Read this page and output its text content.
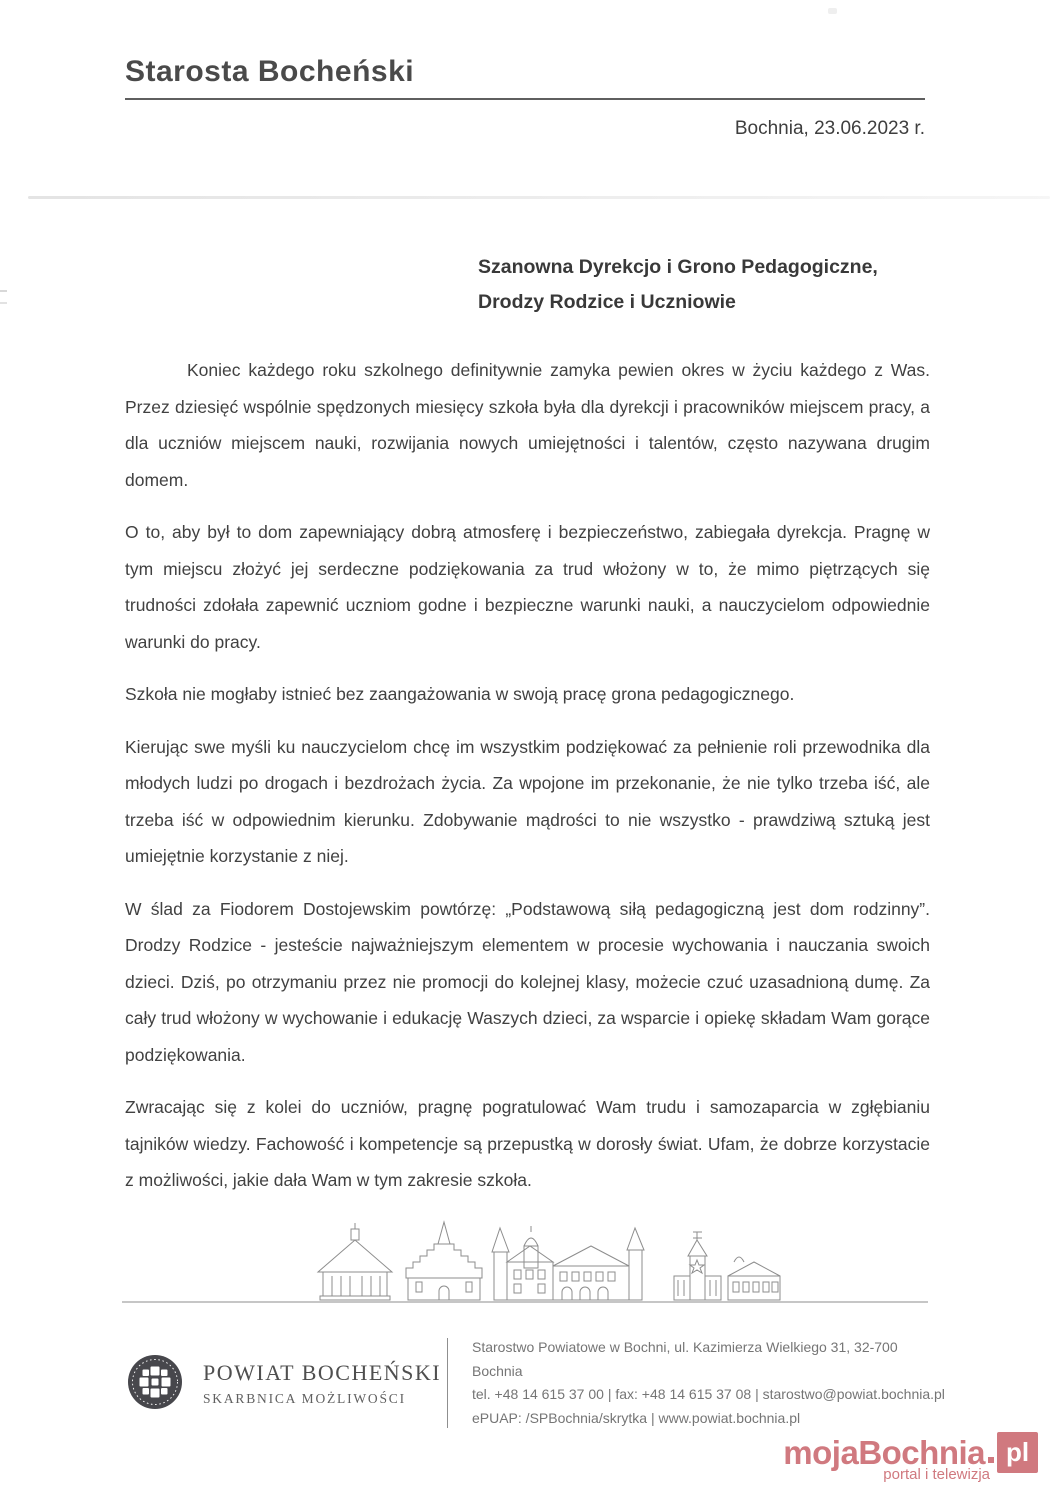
Starosta Bocheński
Bochnia, 23.06.2023 r.
Szanowna Dyrekcjo i Grono Pedagogiczne,
Drodzy Rodzice i Uczniowie

Koniec każdego roku szkolnego definitywnie zamyka pewien okres w życiu każdego z Was. Przez dziesięć wspólnie spędzonych miesięcy szkoła była dla dyrekcji i pracowników miejscem pracy, a dla uczniów miejscem nauki, rozwijania nowych umiejętności i talentów, często nazywana drugim domem.

O to, aby był to dom zapewniający dobrą atmosferę i bezpieczeństwo, zabiegała dyrekcja. Pragnę w tym miejscu złożyć jej serdeczne podziękowania za trud włożony w to, że mimo piętrzących się trudności zdołała zapewnić uczniom godne i bezpieczne warunki nauki, a nauczycielom odpowiednie warunki do pracy.

Szkoła nie mogłaby istnieć bez zaangażowania w swoją pracę grona pedagogicznego.

Kierując swe myśli ku nauczycielom chcę im wszystkim podziękować za pełnienie roli przewodnika dla młodych ludzi po drogach i bezdrożach życia. Za wpojone im przekonanie, że nie tylko trzeba iść, ale trzeba iść w odpowiednim kierunku. Zdobywanie mądrości to nie wszystko - prawdziwą sztuką jest umiejętnie korzystanie z niej.

W ślad za Fiodorem Dostojewskim powtórzę: „Podstawową siłą pedagogiczną jest dom rodzinny”. Drodzy Rodzice - jesteście najważniejszym elementem w procesie wychowania i nauczania swoich dzieci. Dziś, po otrzymaniu przez nie promocji do kolejnej klasy, możecie czuć uzasadnioną dumę. Za cały trud włożony w wychowanie i edukację Waszych dzieci, za wsparcie i opiekę składam Wam gorące podziękowania.

Zwracając się z kolei do uczniów, pragnę pogratulować Wam trudu i samozaparcia w zgłębianiu tajników wiedzy. Fachowość i kompetencje są przepustką w dorosły świat. Ufam, że dobrze korzystacie z możliwości, jakie dała Wam w tym zakresie szkoła.

POWIAT BOCHEŃSKI
SKARBNICA MOŻLIWOŚCI
Starostwo Powiatowe w Bochni, ul. Kazimierza Wielkiego 31, 32-700 Bochnia
tel. +48 14 615 37 00 | fax: +48 14 615 37 08 | starostwo@powiat.bochnia.pl
ePUAP: /SPBochnia/skrytka | www.powiat.bochnia.pl
mojaBochnia pl
portal i telewizja
